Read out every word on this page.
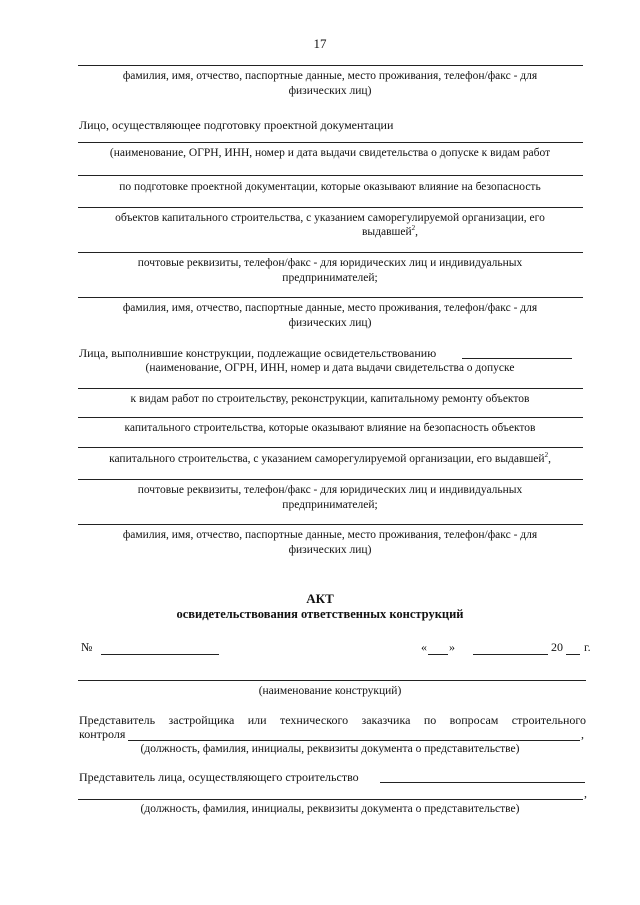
17
фамилия, имя, отчество, паспортные данные, место проживания, телефон/факс - для
физических лиц)
Лицо, осуществляющее подготовку проектной документации
(наименование, ОГРН, ИНН, номер и дата выдачи свидетельства о допуске к видам работ
по подготовке проектной документации, которые оказывают влияние на безопасность
объектов капитального строительства, с указанием саморегулируемой организации, его
выдавшей$^2$,
почтовые реквизиты, телефон/факс - для юридических лиц и индивидуальных
предпринимателей;
фамилия, имя, отчество, паспортные данные, место проживания, телефон/факс - для
физических лиц)
Лица, выполнившие конструкции, подлежащие освидетельствованию
(наименование, ОГРН, ИНН, номер и дата выдачи свидетельства о допуске
к видам работ по строительству, реконструкции, капитальному ремонту объектов
капитального строительства, которые оказывают влияние на безопасность объектов
капитального строительства, с указанием саморегулируемой организации, его выдавшей$^2$,
почтовые реквизиты, телефон/факс - для юридических лиц и индивидуальных
предпринимателей;
фамилия, имя, отчество, паспортные данные, место проживания, телефон/факс - для
физических лиц)
АКТ
освидетельствования ответственных конструкций
№	« »	20 г.
(наименование конструкций)
Представитель застройщика или технического заказчика по вопросам строительного
контроля	,
(должность, фамилия, инициалы, реквизиты документа о представительстве)
Представитель лица, осуществляющего строительство
,
(должность, фамилия, инициалы, реквизиты документа о представительстве)
